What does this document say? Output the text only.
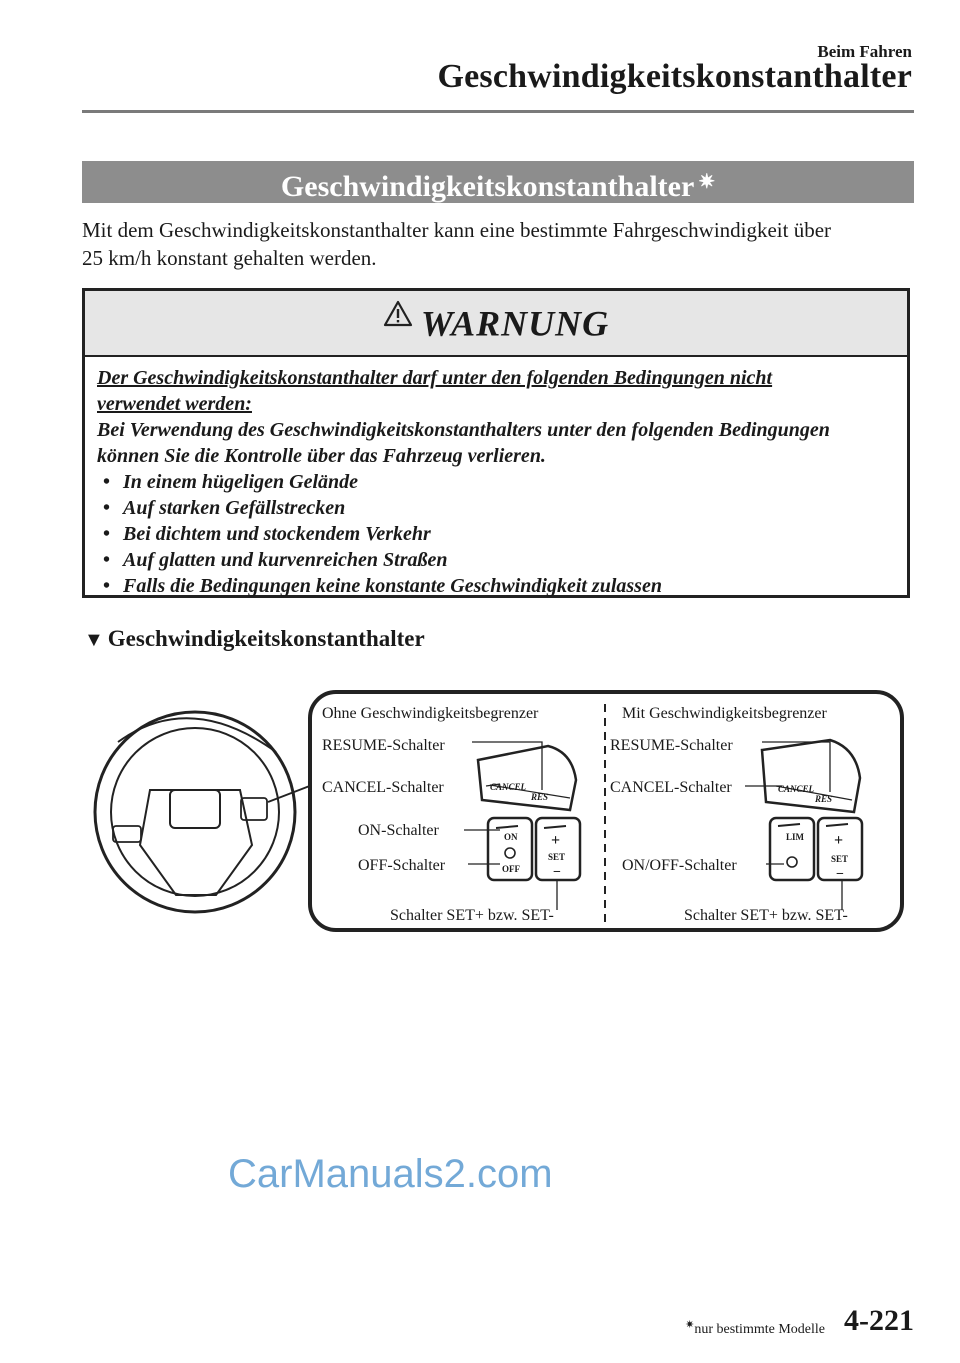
Beim Fahren
Geschwindigkeitskonstanthalter
Geschwindigkeitskonstanthalter ✷
Mit dem Geschwindigkeitskonstanthalter kann eine bestimmte Fahrgeschwindigkeit über
25 km/h konstant gehalten werden.
WARNUNG
Der Geschwindigkeitskonstanthalter darf unter den folgenden Bedingungen nicht
verwendet werden:
Bei Verwendung des Geschwindigkeitskonstanthalters unter den folgenden Bedingungen
können Sie die Kontrolle über das Fahrzeug verlieren.
• In einem hügeligen Gelände
• Auf starken Gefällstrecken
• Bei dichtem und stockendem Verkehr
• Auf glatten und kurvenreichen Straßen
• Falls die Bedingungen keine konstante Geschwindigkeit zulassen
▼ Geschwindigkeitskonstanthalter
CANCEL
RES
ON
OFF
+
SET
−
Ohne Geschwindigkeitsbegrenzer
RESUME-Schalter
CANCEL-Schalter
ON-Schalter
OFF-Schalter
Schalter SET+ bzw. SET-
CANCEL
RES
LIM +
SET
−
Mit Geschwindigkeitsbegrenzer
RESUME-Schalter
CANCEL-Schalter
ON/OFF-Schalter
Schalter SET+ bzw. SET-
CarManuals2.com
✷nur bestimmte Modelle 4-221
